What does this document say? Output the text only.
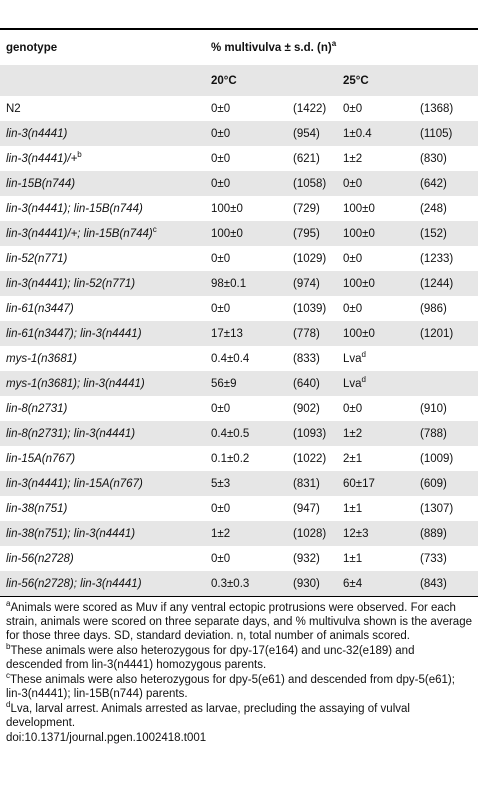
genotype	% multivulva ± s.d. $(n)^a$
	20°C		25°C	
N2	0±0	(1422)	0±0	(1368)
lin-3(n4441)	0±0	(954)	1±0.4	(1105)
lin-3(n4441)/+$^b$	0±0	(621)	1±2	(830)
lin-15B(n744)	0±0	(1058)	0±0	(642)
lin-3(n4441); lin-15B(n744)	100±0	(729)	100±0	(248)
lin-3(n4441)/+; lin-$15B(n744)^c$	100±0	(795)	100±0	(152)
lin-52(n771)	0±0	(1029)	0±0	(1233)
lin-3(n4441); lin-52(n771)	98±0.1	(974)	100±0	(1244)
lin-61(n3447)	0±0	(1039)	0±0	(986)
lin-61(n3447); lin-3(n4441)	17±13	(778)	100±0	(1201)
mys-1(n3681)	0.4±0.4	(833)	Lva$^d$	
mys-1(n3681); lin-3(n4441)	56±9	(640)	Lva$^d$	
lin-8(n2731)	0±0	(902)	0±0	(910)
lin-8(n2731); lin-3(n4441)	0.4±0.5	(1093)	1±2	(788)
lin-15A(n767)	0.1±0.2	(1022)	2±1	(1009)
lin-3(n4441); lin-15A(n767)	5±3	(831)	60±17	(609)
lin-38(n751)	0±0	(947)	1±1	(1307)
lin-38(n751); lin-3(n4441)	1±2	(1028)	12±3	(889)
lin-56(n2728)	0±0	(932)	1±1	(733)
lin-56(n2728); lin-3(n4441)	0.3±0.3	(930)	6±4	(843)
$^a$Animals were scored as Muv if any ventral ectopic protrusions were observed. For each strain, animals were scored on three separate days, and % multivulva shown is the average for those three days. SD, standard deviation. n, total number of animals scored.
$^b$These animals were also heterozygous for dpy-17(e164) and unc-32(e189) and descended from lin-3(n4441) homozygous parents.
$^c$These animals were also heterozygous for dpy-5(e61) and descended from dpy-5(e61); lin-3(n4441); lin-15B(n744) parents.
$^d$Lva, larval arrest. Animals arrested as larvae, precluding the assaying of vulval development.
doi:10.1371/journal.pgen.1002418.t001
